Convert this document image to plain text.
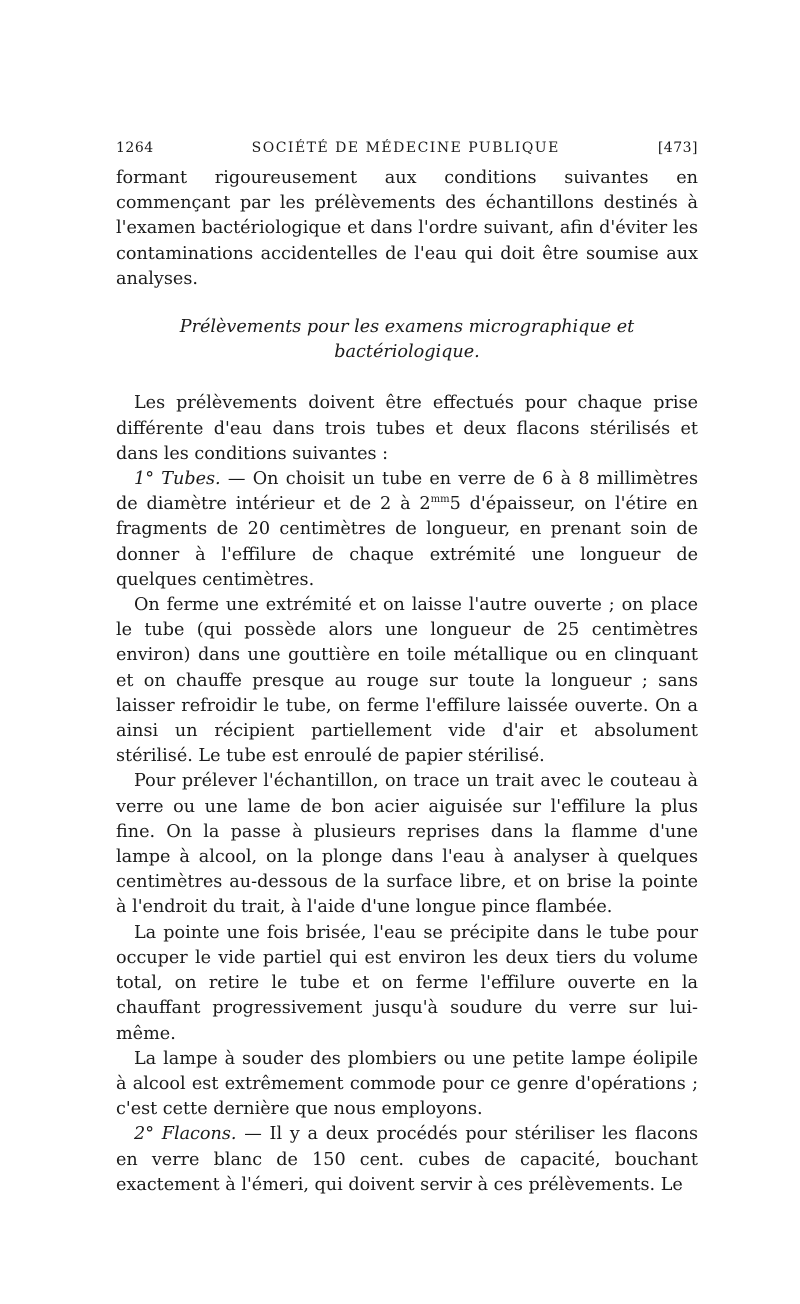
1264	SOCIÉTÉ DE MÉDECINE PUBLIQUE	[473]

formant rigoureusement aux conditions suivantes en commençant par les prélèvements des échantillons destinés à l'examen bactériologique et dans l'ordre suivant, afin d'éviter les contaminations accidentelles de l'eau qui doit être soumise aux analyses.

Prélèvements pour les examens micrographique et bactériologique.

Les prélèvements doivent être effectués pour chaque prise différente d'eau dans trois tubes et deux flacons stérilisés et dans les conditions suivantes :

1° Tubes. — On choisit un tube en verre de 6 à 8 millimètres de diamètre intérieur et de 2 à $2^{mm}5$ d'épaisseur, on l'étire en fragments de 20 centimètres de longueur, en prenant soin de donner à l'effilure de chaque extrémité une longueur de quelques centimètres.

On ferme une extrémité et on laisse l'autre ouverte ; on place le tube (qui possède alors une longueur de 25 centimètres environ) dans une gouttière en toile métallique ou en clinquant et on chauffe presque au rouge sur toute la longueur ; sans laisser refroidir le tube, on ferme l'effilure laissée ouverte. On a ainsi un récipient partiellement vide d'air et absolument stérilisé. Le tube est enroulé de papier stérilisé.

Pour prélever l'échantillon, on trace un trait avec le couteau à verre ou une lame de bon acier aiguisée sur l'effilure la plus fine. On la passe à plusieurs reprises dans la flamme d'une lampe à alcool, on la plonge dans l'eau à analyser à quelques centimètres au-dessous de la surface libre, et on brise la pointe à l'endroit du trait, à l'aide d'une longue pince flambée.

La pointe une fois brisée, l'eau se précipite dans le tube pour occuper le vide partiel qui est environ les deux tiers du volume total, on retire le tube et on ferme l'effilure ouverte en la chauffant progressivement jusqu'à soudure du verre sur lui-même.

La lampe à souder des plombiers ou une petite lampe éolipile à alcool est extrêmement commode pour ce genre d'opérations ; c'est cette dernière que nous employons.

2° Flacons. — Il y a deux procédés pour stériliser les flacons en verre blanc de 150 cent. cubes de capacité, bouchant exactement à l'émeri, qui doivent servir à ces prélèvements. Le
